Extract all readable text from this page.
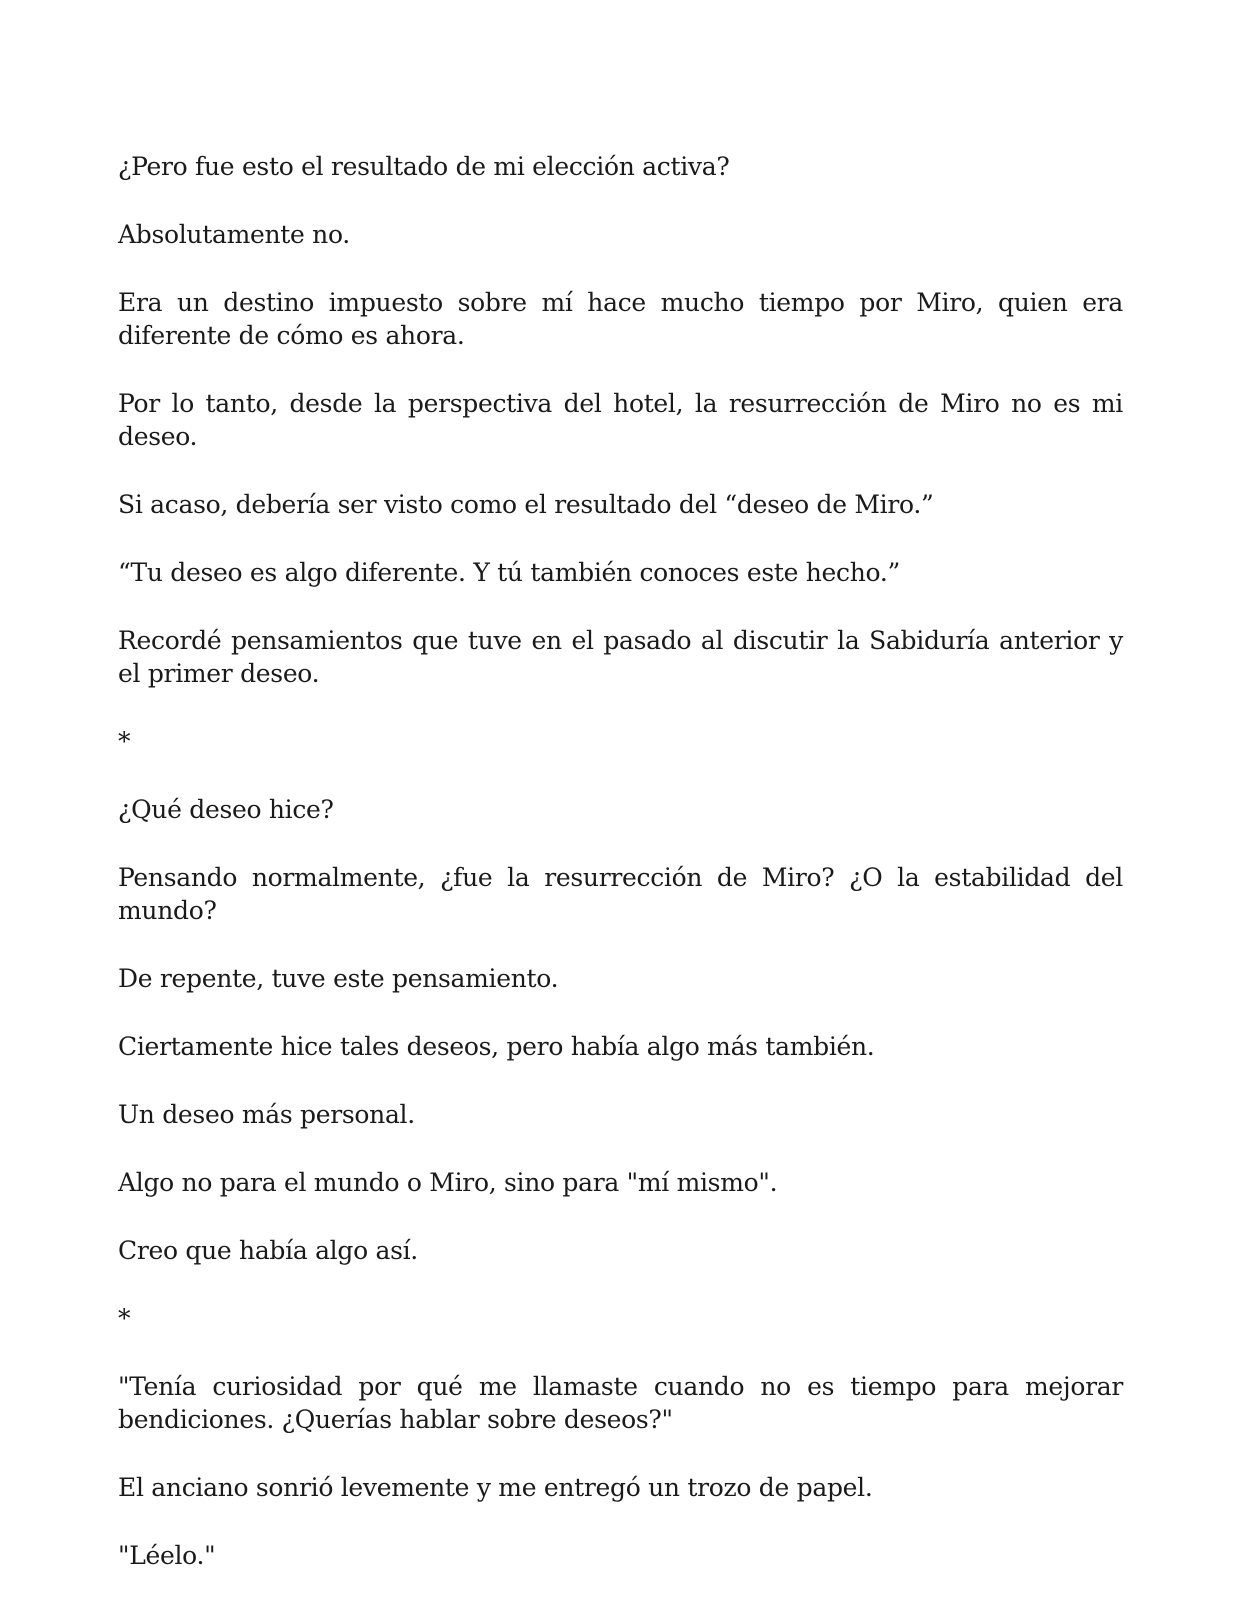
¿Pero fue esto el resultado de mi elección activa?

Absolutamente no.

Era un destino impuesto sobre mí hace mucho tiempo por Miro, quien era diferente de cómo es ahora.

Por lo tanto, desde la perspectiva del hotel, la resurrección de Miro no es mi deseo.

Si acaso, debería ser visto como el resultado del “deseo de Miro.”

“Tu deseo es algo diferente. Y tú también conoces este hecho.”

Recordé pensamientos que tuve en el pasado al discutir la Sabiduría anterior y el primer deseo.

*

¿Qué deseo hice?

Pensando normalmente, ¿fue la resurrección de Miro? ¿O la estabilidad del mundo?

De repente, tuve este pensamiento.

Ciertamente hice tales deseos, pero había algo más también.

Un deseo más personal.

Algo no para el mundo o Miro, sino para "mí mismo".

Creo que había algo así.

*

"Tenía curiosidad por qué me llamaste cuando no es tiempo para mejorar bendiciones. ¿Querías hablar sobre deseos?"

El anciano sonrió levemente y me entregó un trozo de papel.

"Léelo."
